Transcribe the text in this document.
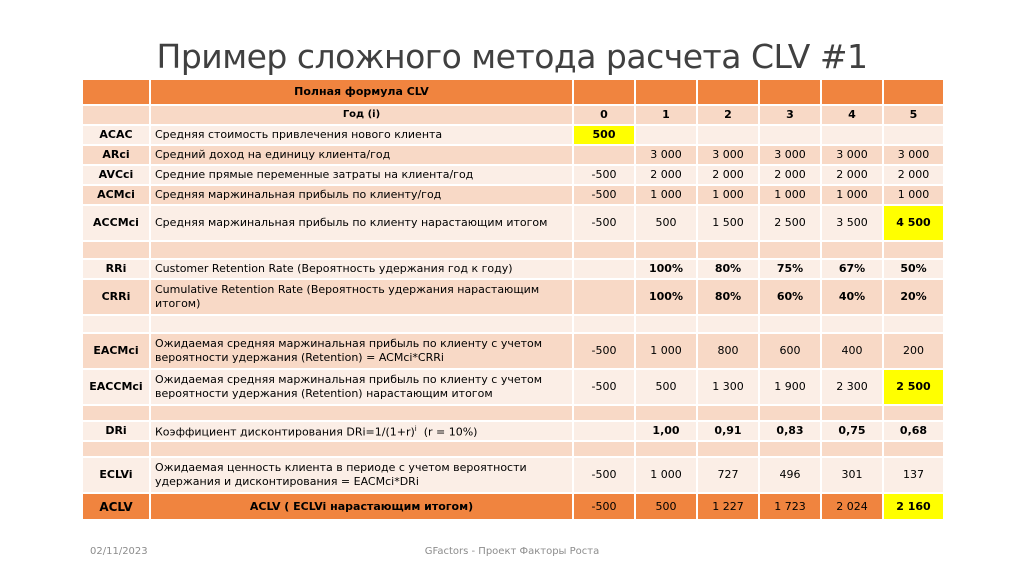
Пример сложного метода расчета CLV #1
	Полная формула CLV						
	Год (i)	0	1	2	3	4	5
ACAC	Средняя стоимость привлечения нового клиента	500					
ARci	Средний доход на единицу клиента/год		3 000	3 000	3 000	3 000	3 000
AVCci	Средние прямые переменные затраты на клиента/год	-500	2 000	2 000	2 000	2 000	2 000
ACMci	Средняя маржинальная прибыль по клиенту/год	-500	1 000	1 000	1 000	1 000	1 000
ACCMci	Средняя маржинальная прибыль по клиенту нарастающим итогом	-500	500	1 500	2 500	3 500	4 500

RRi	Customer Retention Rate (Вероятность удержания год к году)		100%	80%	75%	67%	50%
CRRi	Cumulative Retention Rate (Вероятность удержания нарастающим итогом)		100%	80%	60%	40%	20%

EACMci	Ожидаемая средняя маржинальная прибыль по клиенту с учетом вероятности удержания (Retention) = ACMci*CRRi	-500	1 000	800	600	400	200
EACCMci	Ожидаемая средняя маржинальная прибыль по клиенту с учетом вероятности удержания (Retention) нарастающим итогом	-500	500	1 300	1 900	2 300	2 500

DRi	Коэффициент дисконтирования $DRi=1/(1+r)^i$  (r = 10%)		1,00	0,91	0,83	0,75	0,68

ECLVi	Ожидаемая ценность клиента в периоде с учетом вероятности удержания и дисконтирования = EACMci*DRi	-500	1 000	727	496	301	137
ACLV	ACLV ( ECLVi нарастающим итогом)	-500	500	1 227	1 723	2 024	2 160
02/11/2023	GFactors - Проект Факторы Роста
